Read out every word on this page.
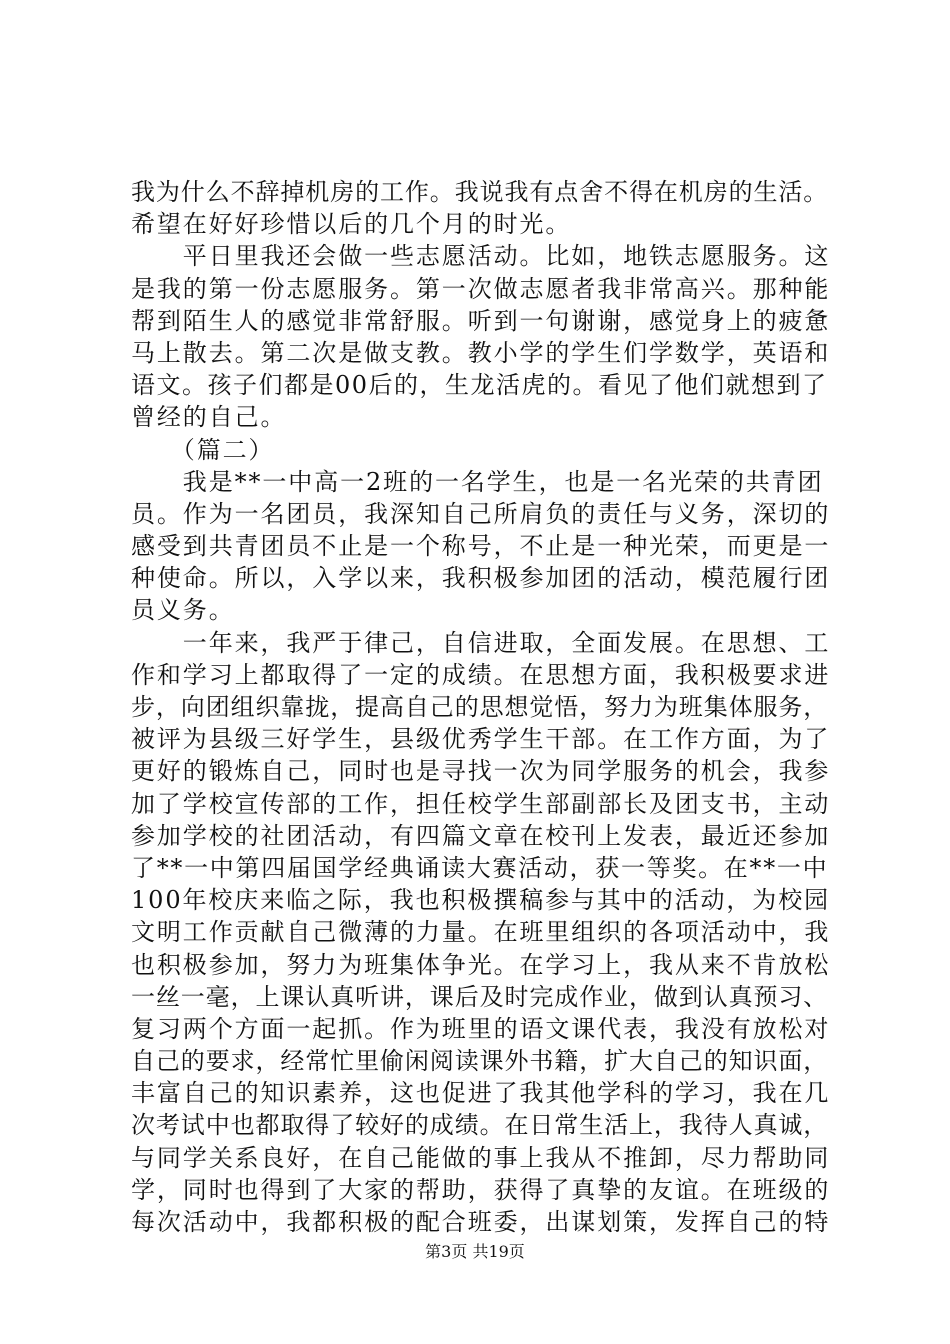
我为什么不辞掉机房的工作。我说我有点舍不得在机房的生活。
希望在好好珍惜以后的几个月的时光。
　　平日里我还会做一些志愿活动。比如，地铁志愿服务。这
是我的第一份志愿服务。第一次做志愿者我非常高兴。那种能
帮到陌生人的感觉非常舒服。听到一句谢谢，感觉身上的疲惫
马上散去。第二次是做支教。教小学的学生们学数学，英语和
语文。孩子们都是00后的，生龙活虎的。看见了他们就想到了
曾经的自己。
　　（篇二）
　　我是**一中高一2班的一名学生，也是一名光荣的共青团
员。作为一名团员，我深知自己所肩负的责任与义务，深切的
感受到共青团员不止是一个称号，不止是一种光荣，而更是一
种使命。所以，入学以来，我积极参加团的活动，模范履行团
员义务。
　　一年来，我严于律己，自信进取，全面发展。在思想、工
作和学习上都取得了一定的成绩。在思想方面，我积极要求进
步，向团组织靠拢，提高自己的思想觉悟，努力为班集体服务，
被评为县级三好学生，县级优秀学生干部。在工作方面，为了
更好的锻炼自己，同时也是寻找一次为同学服务的机会，我参
加了学校宣传部的工作，担任校学生部副部长及团支书，主动
参加学校的社团活动，有四篇文章在校刊上发表，最近还参加
了**一中第四届国学经典诵读大赛活动，获一等奖。在**一中
100年校庆来临之际，我也积极撰稿参与其中的活动，为校园
文明工作贡献自己微薄的力量。在班里组织的各项活动中，我
也积极参加，努力为班集体争光。在学习上，我从来不肯放松
一丝一毫，上课认真听讲，课后及时完成作业，做到认真预习、
复习两个方面一起抓。作为班里的语文课代表，我没有放松对
自己的要求，经常忙里偷闲阅读课外书籍，扩大自己的知识面，
丰富自己的知识素养，这也促进了我其他学科的学习，我在几
次考试中也都取得了较好的成绩。在日常生活上，我待人真诚，
与同学关系良好，在自己能做的事上我从不推卸，尽力帮助同
学，同时也得到了大家的帮助，获得了真挚的友谊。在班级的
每次活动中，我都积极的配合班委，出谋划策，发挥自己的特
第3页 共19页
